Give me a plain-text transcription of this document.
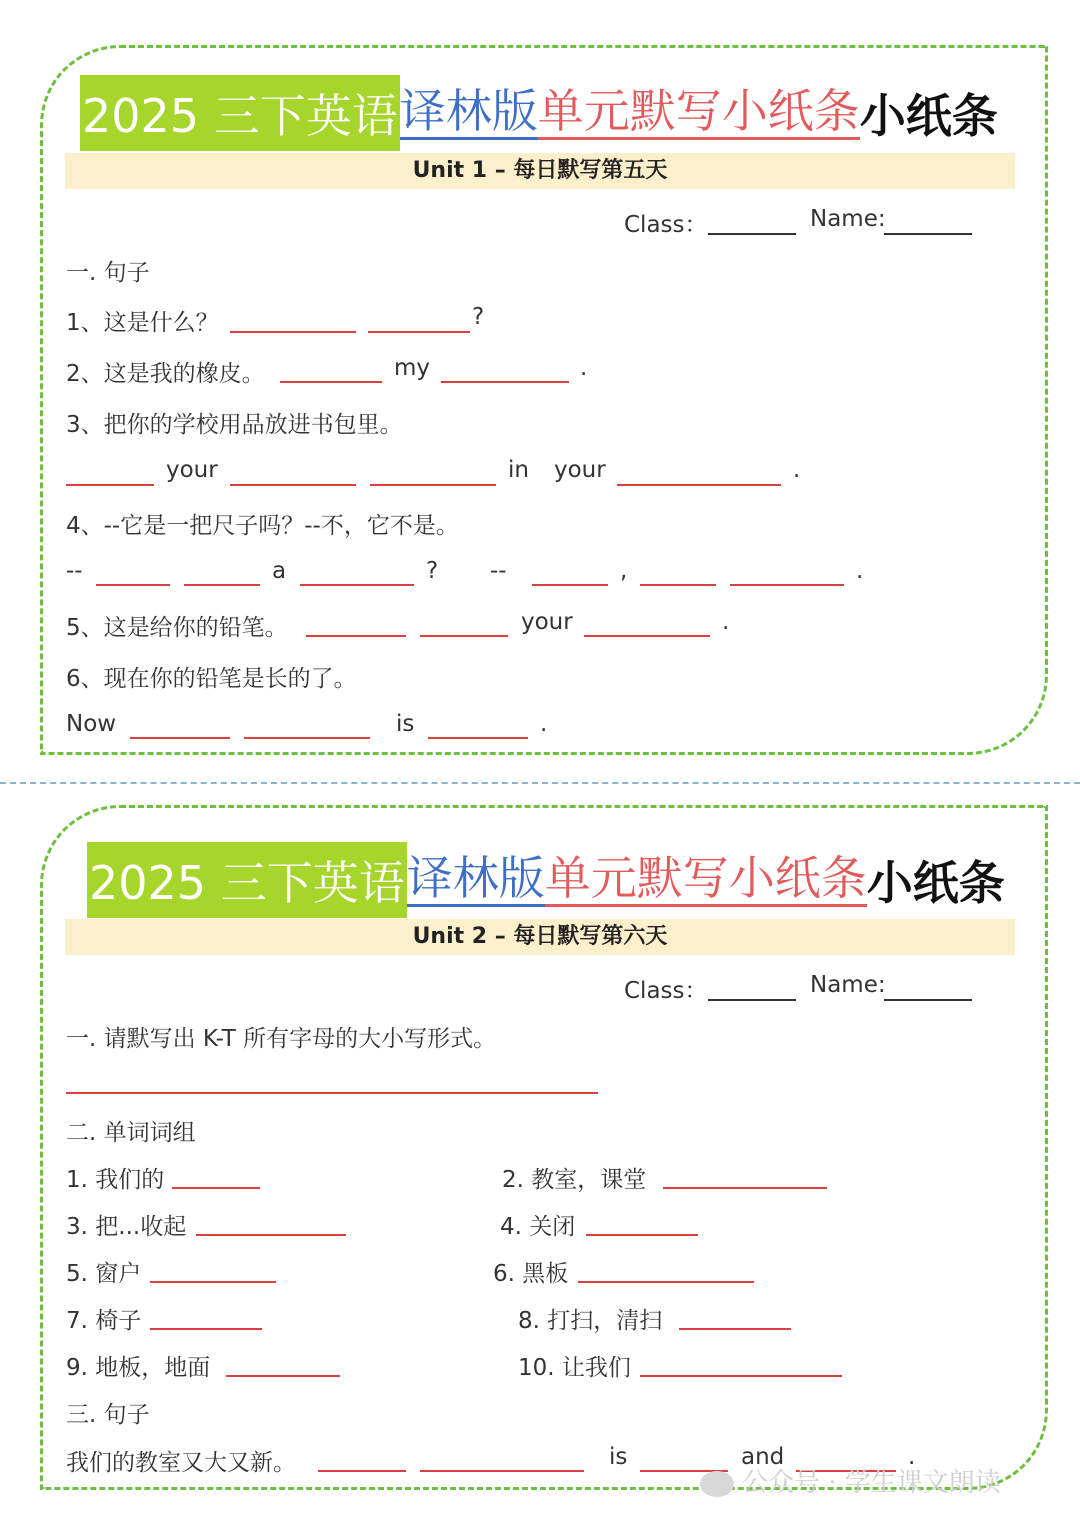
2025 三下英语 译林版 单元默写小纸条 小纸条
Unit 1 – 每日默写第五天
Class：	Name:
一. 句子
1、这是什么？	?
2、这是我的橡皮。	my	.
3、把你的学校用品放进书包里。
your	in your	.
4、--它是一把尺子吗？--不，它不是。
--	a	? --	,	.
5、这是给你的铅笔。	your	.
6、现在你的铅笔是长的了。
Now	is	.
2025 三下英语 译林版 单元默写小纸条 小纸条
Unit 2 – 每日默写第六天
Class：	Name:
一. 请默写出 K-T 所有字母的大小写形式。
二. 单词词组
1. 我们的	2. 教室，课堂
3. 把...收起	4. 关闭
5. 窗户	6. 黑板
7. 椅子	8. 打扫，清扫
9. 地板，地面	10. 让我们
三. 句子
我们的教室又大又新。	is	and	.
公众号 · 学生课文朗读
